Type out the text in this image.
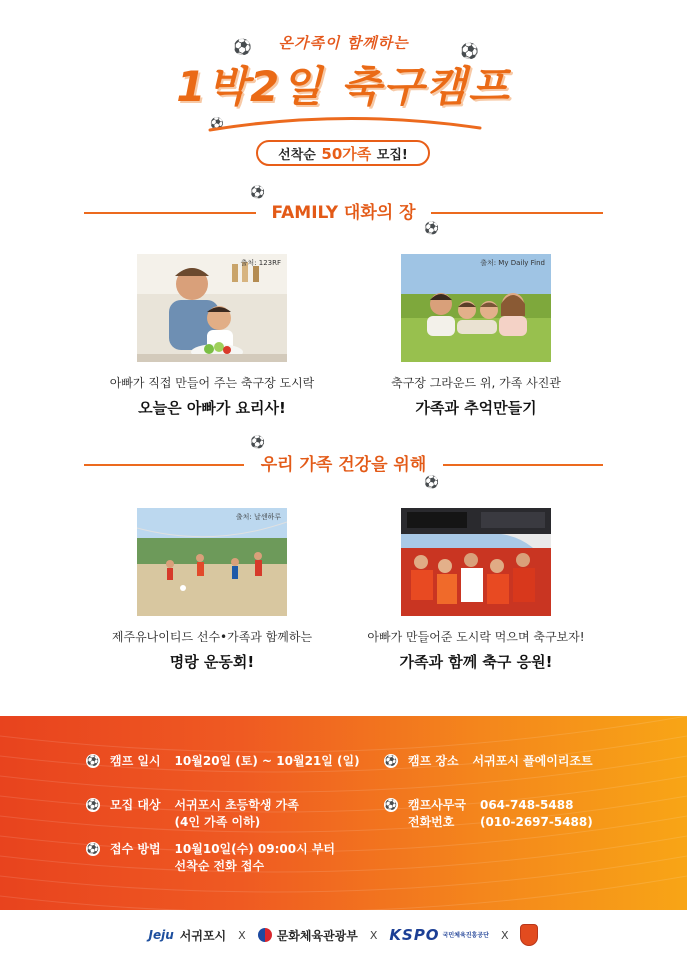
⚽	⚽
⚽
온가족이 함께하는
1박2일 축구캠프
선착순
50가족
모집!
FAMILY 대화의 장
⚽
⚽
출처: 123RF
아빠가 직접 만들어 주는 축구장 도시락
오늘은 아빠가 요리사!
출처: My Daily Find
축구장 그라운드 위, 가족 사진관
가족과 추억만들기
우리 가족 건강을 위해
⚽
⚽
출처: 날센하루
제주유나이티드 선수•가족과 함께하는
명랑 운동회!
아빠가 만들어준 도시락 먹으며 축구보자!
가족과 함께 축구 응원!
⚽ 캠프 일시 10월20일 (토) ~ 10월21일 (일)
⚽ 모집 대상 서귀포시 초등학생 가족
(4인 가족 이하)
⚽ 접수 방법 10월10일(수) 09:00시 부터
선착순 전화 접수
⚽ 캠프 장소 서귀포시 플에이리조트
⚽ 캠프사무국
전화번호
064-748-5488
(010-2697-5488)
Jeju 서귀포시 X	문화체육관광부 X KSPO 국민체육진흥공단 X
